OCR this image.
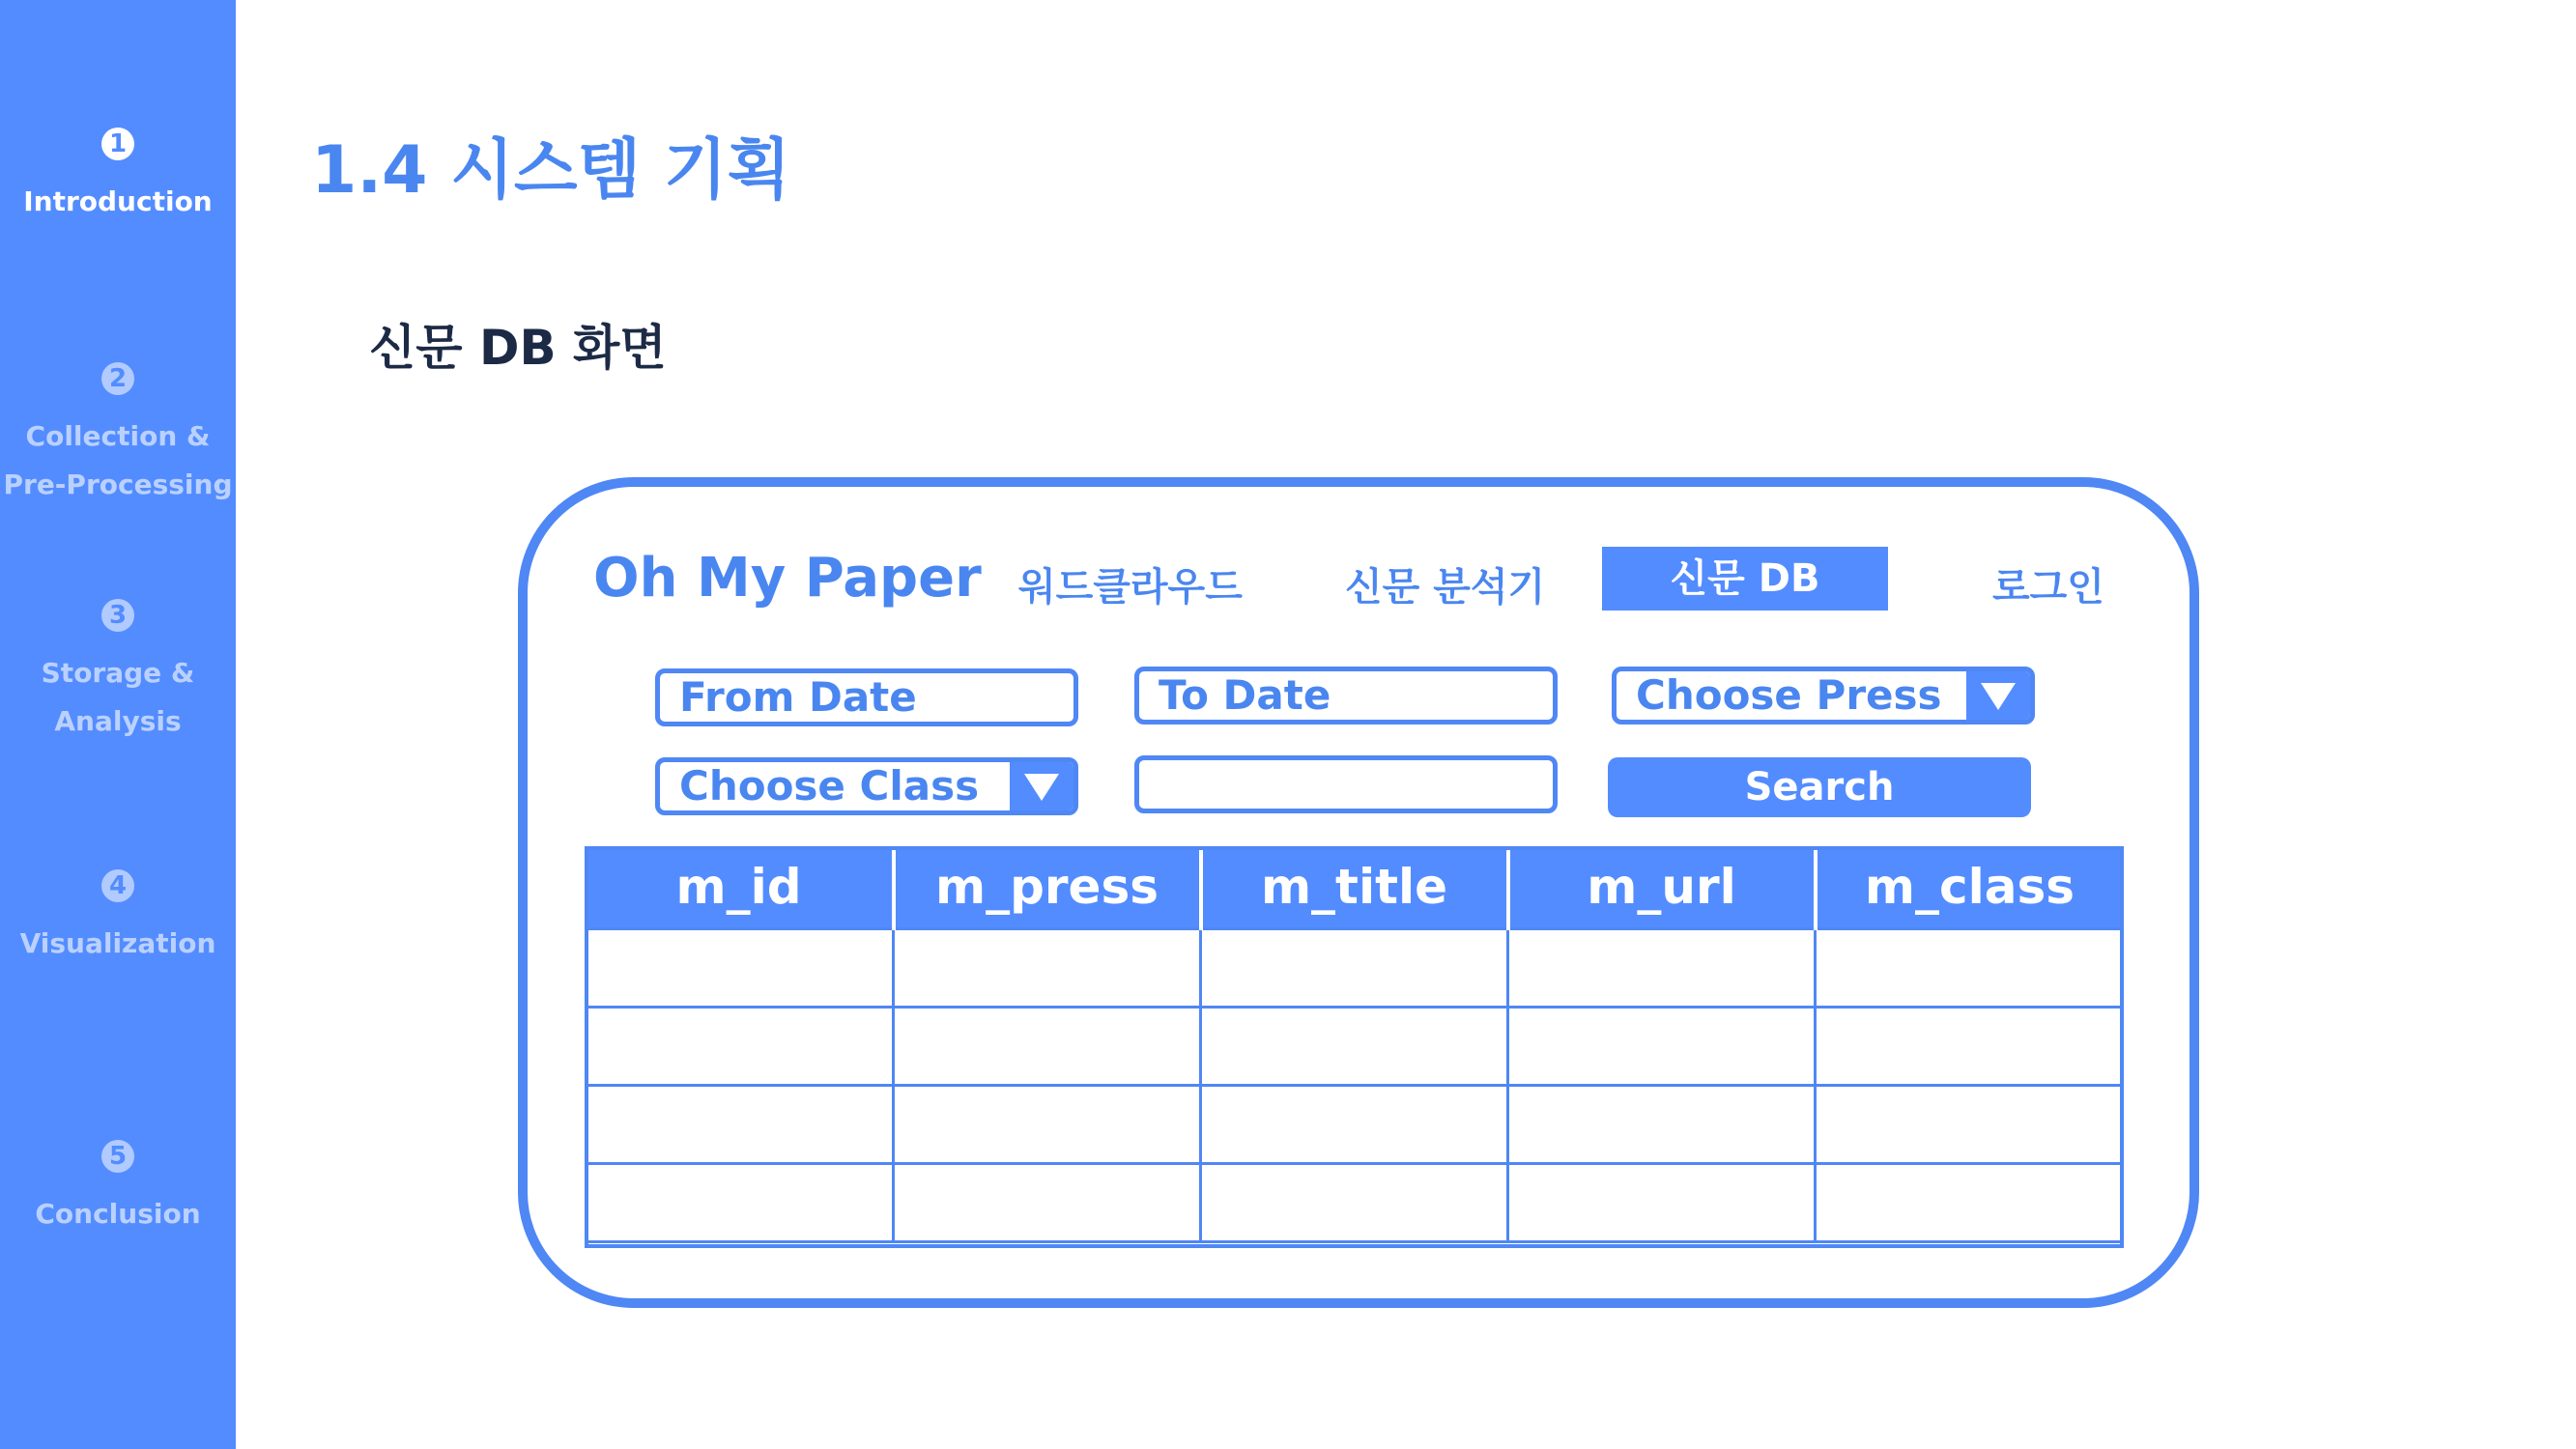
1
Introduction
2
Collection &
Pre-Processing
3
Storage &
Analysis
4
Visualization
5
Conclusion
1.4 시스템 기획
신문 DB 화면
Oh My Paper 워드클라우드	신문 분석기	신문 DB	로그인
From Date	To Date	Choose Press
Choose Class	Search
m_id	m_press	m_title	m_url	m_class
